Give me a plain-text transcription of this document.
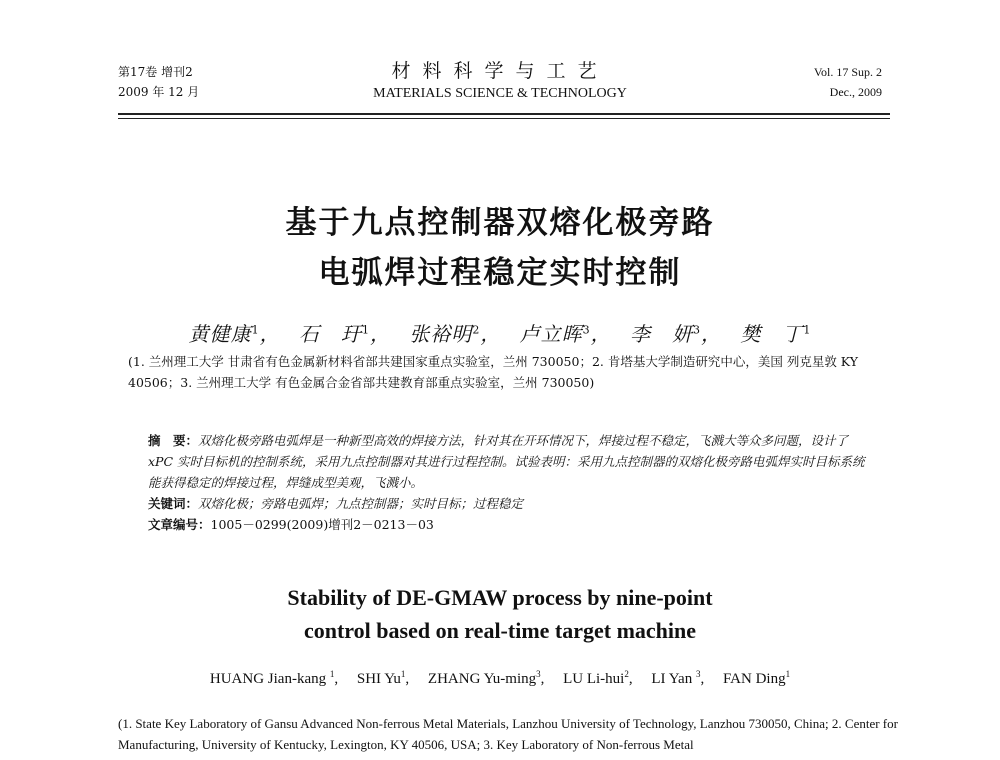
第17卷 增刊2
2009 年 12 月
材料科学与工艺
MATERIALS SCIENCE & TECHNOLOGY
Vol. 17 Sup. 2
Dec., 2009
基于九点控制器双熔化极旁路
电弧焊过程稳定实时控制
黄健康$^1$，  石　玗$^1$，  张裕明$^2$，  卢立晖$^3$，  李　妍$^3$，  樊　丁$^1$
(1. 兰州理工大学 甘肃省有色金属新材料省部共建国家重点实验室，兰州 730050；2. 肯塔基大学制造研究中心，美国 列克星敦 KY 40506；3. 兰州理工大学 有色金属合金省部共建教育部重点实验室，兰州 730050)
摘　要：双熔化极旁路电弧焊是一种新型高效的焊接方法，针对其在开环情况下，焊接过程不稳定，飞溅大等众多问题，设计了 xPC 实时目标机的控制系统，采用九点控制器对其进行过程控制。试验表明：采用九点控制器的双熔化极旁路电弧焊实时目标系统能获得稳定的焊接过程，焊缝成型美观，飞溅小。
关键词：双熔化极；旁路电弧焊；九点控制器；实时目标；过程稳定
文章编号：1005－0299(2009)增刊2－0213－03
Stability of DE-GMAW process by nine-point
control based on real-time target machine
HUANG Jian-kang $^1$,  SHI Yu$^1$,  ZHANG Yu-ming$^3$,  LU Li-hui$^2$,  LI Yan $^3$,  FAN Ding$^1$
(1. State Key Laboratory of Gansu Advanced Non-ferrous Metal Materials, Lanzhou University of Technology, Lanzhou 730050, China; 2. Center for Manufacturing, University of Kentucky, Lexington, KY 40506, USA; 3. Key Laboratory of Non-ferrous Metal
